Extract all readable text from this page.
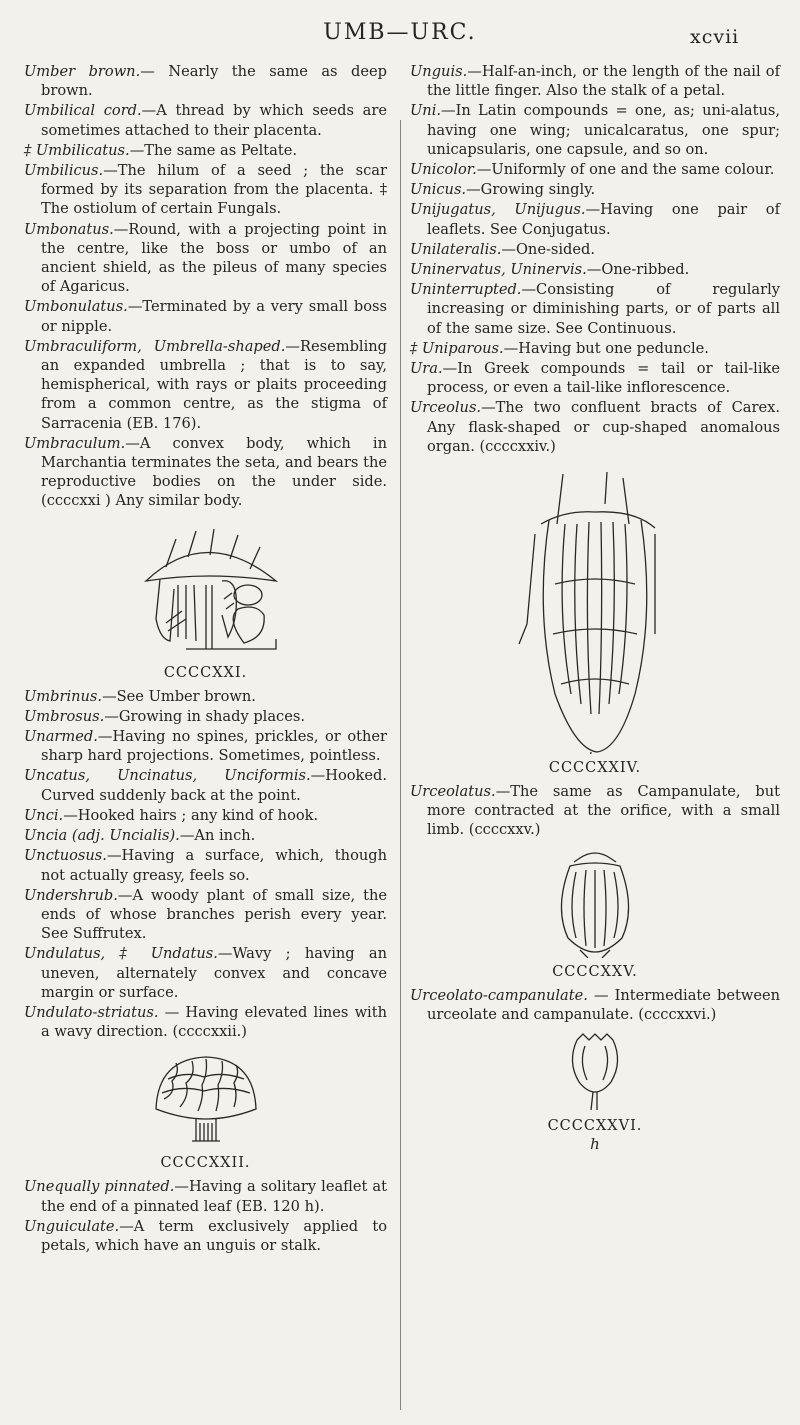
UMB—URC.	xcvii

Umber brown.— Nearly the same as deep brown.

Umbilical cord.—A thread by which seeds are sometimes attached to their placenta.

‡ Umbilicatus.—The same as Peltate.

Umbilicus.—The hilum of a seed ; the scar formed by its separation from the placenta. ‡ The ostiolum of certain Fungals.

Umbonatus.—Round, with a projecting point in the centre, like the boss or umbo of an ancient shield, as the pileus of many species of Agaricus.

Umbonulatus.—Terminated by a very small boss or nipple.

Umbraculiform, Umbrella-shaped.—Resembling an expanded umbrella ; that is to say, hemispherical, with rays or plaits proceeding from a common centre, as the stigma of Sarracenia (EB. 176).

Umbraculum.—A convex body, which in Marchantia terminates the seta, and bears the reproductive bodies on the under side. (ccccxxi ) Any similar body.

CCCCXXI.

Umbrinus.—See Umber brown.

Umbrosus.—Growing in shady places.

Unarmed.—Having no spines, prickles, or other sharp hard projections. Sometimes, pointless.

Uncatus, Uncinatus, Unciformis.—Hooked. Curved suddenly back at the point.

Unci.—Hooked hairs ; any kind of hook.

Uncia (adj. Uncialis).—An inch.

Unctuosus.—Having a surface, which, though not actually greasy, feels so.

Undershrub.—A woody plant of small size, the ends of whose branches perish every year. See Suffrutex.

Undulatus, ‡ Undatus.—Wavy ; having an uneven, alternately convex and concave margin or surface.

Undulato-striatus. — Having elevated lines with a wavy direction. (ccccxxii.)

CCCCXXII.

Unequally pinnated.—Having a solitary leaflet at the end of a pinnated leaf (EB. 120 h).

Unguiculate.—A term exclusively applied to petals, which have an unguis or stalk.

Unguis.—Half-an-inch, or the length of the nail of the little finger. Also the stalk of a petal.

Uni.—In Latin compounds = one, as; uni-alatus, having one wing; unicalcaratus, one spur; unicapsularis, one capsule, and so on.

Unicolor.—Uniformly of one and the same colour.

Unicus.—Growing singly.

Unijugatus, Unijugus.—Having one pair of leaflets. See Conjugatus.

Unilateralis.—One-sided.

Uninervatus, Uninervis.—One-ribbed.

Uninterrupted.—Consisting of regularly increasing or diminishing parts, or of parts all of the same size. See Continuous.

‡ Uniparous.—Having but one peduncle.

Ura.—In Greek compounds = tail or tail-like process, or even a tail-like inflorescence.

Urceolus.—The two confluent bracts of Carex. Any flask-shaped or cup-shaped anomalous organ. (ccccxxiv.)

CCCCXXIV.

Urceolatus.—The same as Campanulate, but more contracted at the orifice, with a small limb. (ccccxxv.)

CCCCXXV.

Urceolato-campanulate. — Intermediate between urceolate and campanulate. (ccccxxvi.)

CCCCXXVI.
h
